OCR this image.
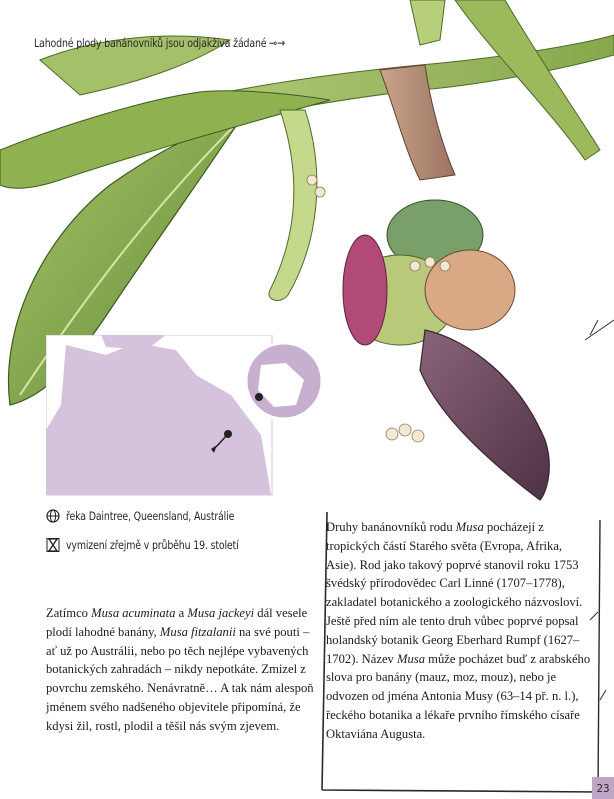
Lahodné plody banánovníků jsou odjakživa žádané ⊸→
řeka Daintree, Queensland, Austrálie
vymizení zřejmě v průběhu 19. století

Zatímco Musa acuminata a Musa jackeyi dál vesele plodí lahodné banány, Musa fitzalanii na své pouti – ať už po Austrálii, nebo po těch nejlépe vybavených botanických zahradách – nikdy nepotkáte. Zmizel z povrchu zemského. Nenávratně… A tak nám alespoň jménem svého nadšeného objevitele připomíná, že kdysi žil, rostl, plodil a těšil nás svým zjevem.

Druhy banánovníků rodu Musa pocházejí z tropických částí Starého světa (Evropa, Afrika, Asie). Rod jako takový poprvé stanovil roku 1753 švédský přírodovědec Carl Linné (1707–1778), zakladatel botanického a zoologického názvosloví. Ještě před ním ale tento druh vůbec poprvé popsal holandský botanik Georg Eberhard Rumpf (1627–1702). Název Musa může pocházet buď z arabského slova pro banány (mauz, moz, mouz), nebo je odvozen od jména Antonia Musy (63–14 př. n. l.), řeckého botanika a lékaře prvního římského císaře Oktaviána Augusta.

23
